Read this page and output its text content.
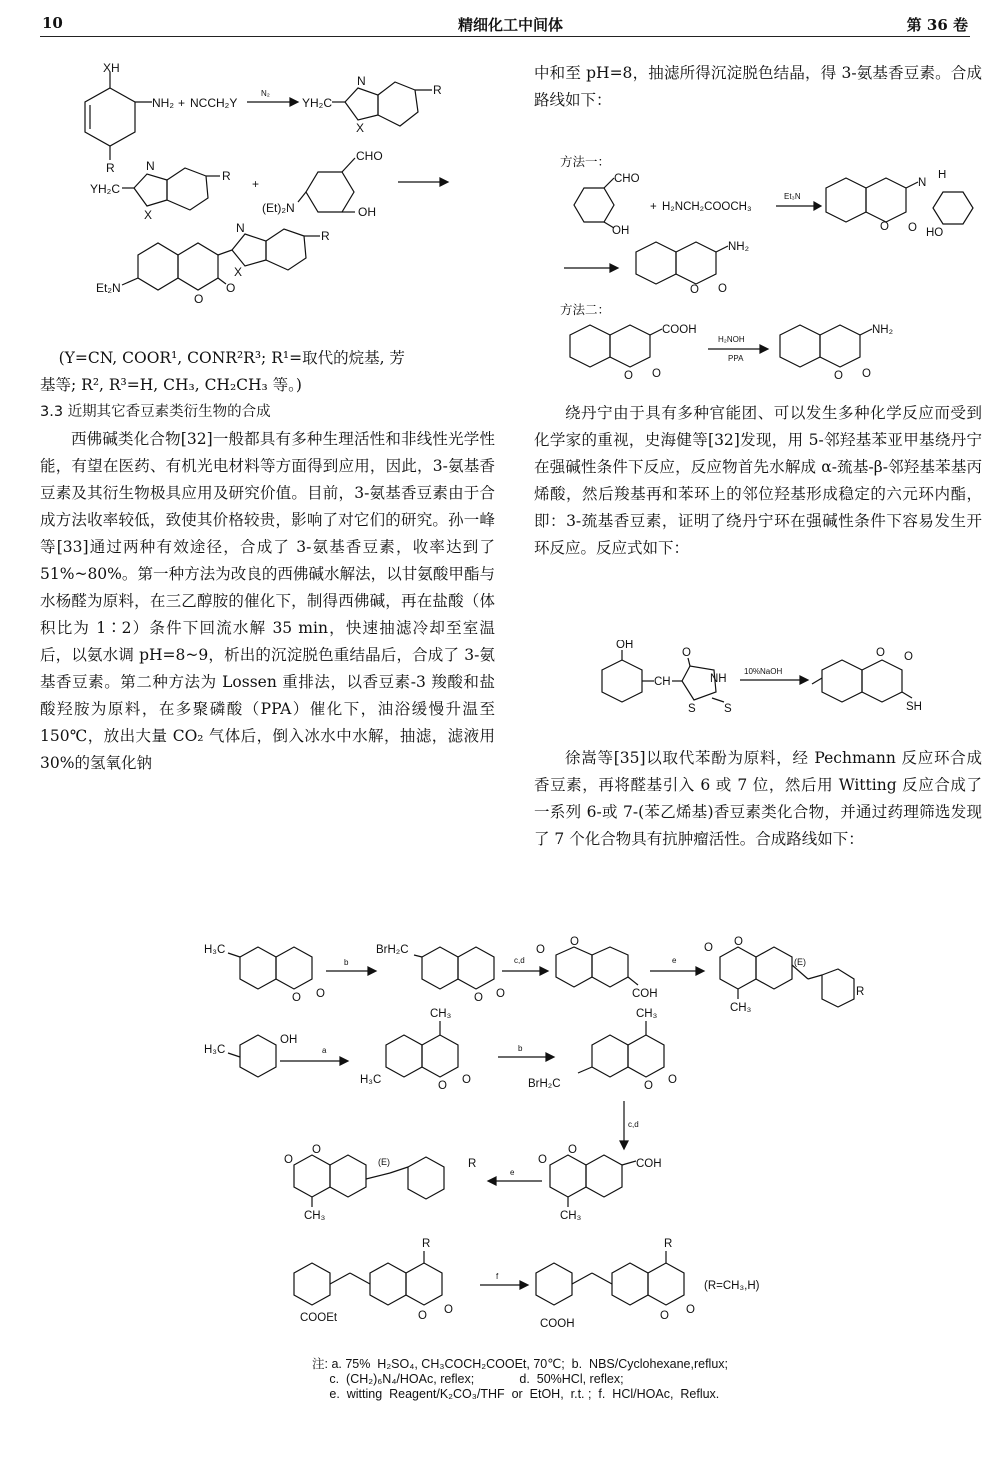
10	精细化工中间体	第 36 卷
XH
NH₂ + NCCH₂Y
N₂
R
YH₂C
N
X
R
YH₂C
N
X
R
+
CHO
OH
(Et)₂N
N
X
R
Et₂N
O
O

(Y=CN, COOR¹, CONR²R³; R¹=取代的烷基, 芳

基等; R², R³=H, CH₃, CH₂CH₃ 等。)

3.3 近期其它香豆素类衍生物的合成

西佛碱类化合物[32]一般都具有多种生理活性和非线性光学性能，有望在医药、有机光电材料等方面得到应用，因此，3-氨基香豆素及其衍生物极具应用及研究价值。目前，3-氨基香豆素由于合成方法收率较低，致使其价格较贵，影响了对它们的研究。孙一峰等[33]通过两种有效途径，合成了 3-氨基香豆素，收率达到了 51%~80%。第一种方法为改良的西佛碱水解法，以甘氨酸甲酯与水杨醛为原料，在三乙醇胺的催化下，制得西佛碱，再在盐酸（体积比为 1∶2）条件下回流水解 35 min，快速抽滤冷却至室温后，以氨水调 pH=8~9，析出的沉淀脱色重结晶后，合成了 3-氨基香豆素。第二种方法为 Lossen 重排法，以香豆素-3 羧酸和盐酸羟胺为原料，在多聚磷酸（PPA）催化下，油浴缓慢升温至 150℃，放出大量 CO₂ 气体后，倒入冰水中水解，抽滤，滤液用 30%的氢氧化钠

中和至 pH=8，抽滤所得沉淀脱色结晶，得 3-氨基香豆素。合成路线如下：

方法一：
CHO
OH
+ H₂NCH₂COOCH₃
Et₃N
O O
N
H
HO
NH₂
O O
方法二：
COOH
O O
H₂NOH
PPA
NH₂
O O

绕丹宁由于具有多种官能团、可以发生多种化学反应而受到化学家的重视，史海健等[32]发现，用 5-邻羟基苯亚甲基绕丹宁在强碱性条件下反应，反应物首先水解成 α-巯基-β-邻羟基苯基丙烯酸，然后羧基再和苯环上的邻位羟基形成稳定的六元环内酯，即：3-巯基香豆素，证明了绕丹宁环在强碱性条件下容易发生开环反应。反应式如下：

OH
CH
O
NH
S S
10%NaOH
O O
SH

徐嵩等[35]以取代苯酚为原料，经 Pechmann 反应环合成香豆素，再将醛基引入 6 或 7 位，然后用 Witting 反应合成了一系列 6-或 7-(苯乙烯基)香豆素类化合物，并通过药理筛选发现了 7 个化合物具有抗肿瘤活性。合成路线如下：

H₃C
b
O O
BrH₂C
O O
c,d
O
O
COH
e
O O
(E)
CH₃
R
H₃C
OH
a
CH₃
H₃C	O O
b
CH₃
BrH₂C	O O
c,d
O
O
(E)	R
CH₃
e
O
O
COH
CH₃
R
COOEt	O O
f
R
COOH
O O
(R=CH₃,H)
注: a. 75%  H₂SO₄, CH₃COCH₂COOEt, 70℃;  b.  NBS/Cyclohexane,reflux;
c.  (CH₂)₆N₄/HOAc, reflex;             d.  50%HCl, reflex;
e.  witting  Reagent/K₂CO₃/THF  or  EtOH,  r.t. ;  f.  HCl/HOAc,  Reflux.
